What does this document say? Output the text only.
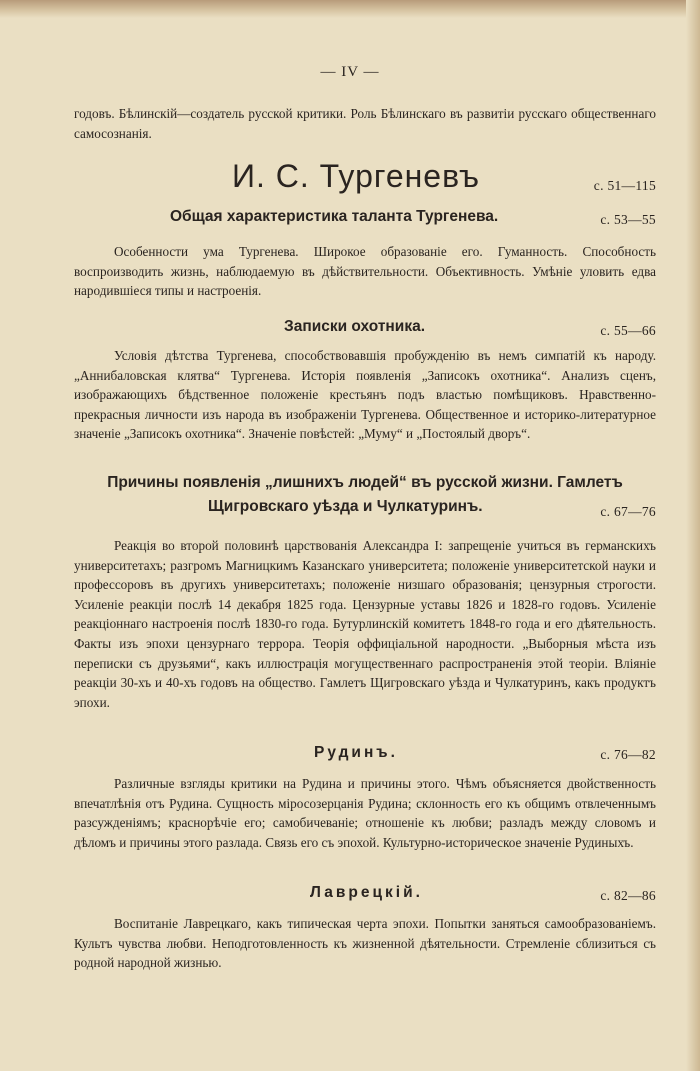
— IV —

годовъ. Бѣлинскій—создатель русской критики. Роль Бѣлинскаго въ развитіи русскаго общественнаго самосознанія.

И. С. Тургеневъ	с. 51—115
Общая характеристика таланта Тургенева.	с. 53—55

Особенности ума Тургенева. Широкое образованіе его. Гуманность. Способность воспроизводить жизнь, наблюдаемую въ дѣйствительности. Объективность. Умѣніе уловить едва народившіеся типы и настроенія.

Записки охотника.	с. 55—66

Условія дѣтства Тургенева, способствовавшія пробужденію въ немъ симпатій къ народу. „Аннибаловская клятва“ Тургенева. Исторія появленія „Записокъ охотника“. Анализъ сценъ, изображающихъ бѣдственное положеніе крестьянъ подъ властью помѣщиковъ. Нравственно-прекрасныя личности изъ народа въ изображеніи Тургенева. Общественное и историко-литературное значеніе „Записокъ охотника“. Значеніе повѣстей: „Муму“ и „Постоялый дворъ“.

Причины появленія „лишнихъ людей“ въ русской жизни. Гамлетъ
Щигровскаго уѣзда и Чулкатуринъ.	с. 67—76

Реакція во второй половинѣ царствованія Александра I: запрещеніе учиться въ германскихъ университетахъ; разгромъ Магницкимъ Казанскаго университета; положеніе университетской науки и профессоровъ въ другихъ университетахъ; положеніе низшаго образованія; цензурныя строгости. Усиленіе реакціи послѣ 14 декабря 1825 года. Цензурные уставы 1826 и 1828-го годовъ. Усиленіе реакціоннаго настроенія послѣ 1830-го года. Бутурлинскій комитетъ 1848-го года и его дѣятельность. Факты изъ эпохи цензурнаго террора. Теорія оффиціальной народности. „Выборныя мѣста изъ переписки съ друзьями“, какъ иллюстрація могущественнаго распространенія этой теоріи. Вліяніе реакціи 30-хъ и 40-хъ годовъ на общество. Гамлетъ Щигровскаго уѣзда и Чулкатуринъ, какъ продуктъ эпохи.

Рудинъ.	с. 76—82

Различные взгляды критики на Рудина и причины этого. Чѣмъ объясняется двойственность впечатлѣнія отъ Рудина. Сущность міросозерцанія Рудина; склонность его къ общимъ отвлеченнымъ разсужденіямъ; краснорѣчіе его; самобичеваніе; отношеніе къ любви; разладъ между словомъ и дѣломъ и причины этого разлада. Связь его съ эпохой. Культурно-историческое значеніе Рудиныхъ.

Лаврецкій.	с. 82—86

Воспитаніе Лаврецкаго, какъ типическая черта эпохи. Попытки заняться самообразованіемъ. Культъ чувства любви. Неподготовленность къ жизненной дѣятельности. Стремленіе сблизиться съ родной народной жизнью.
